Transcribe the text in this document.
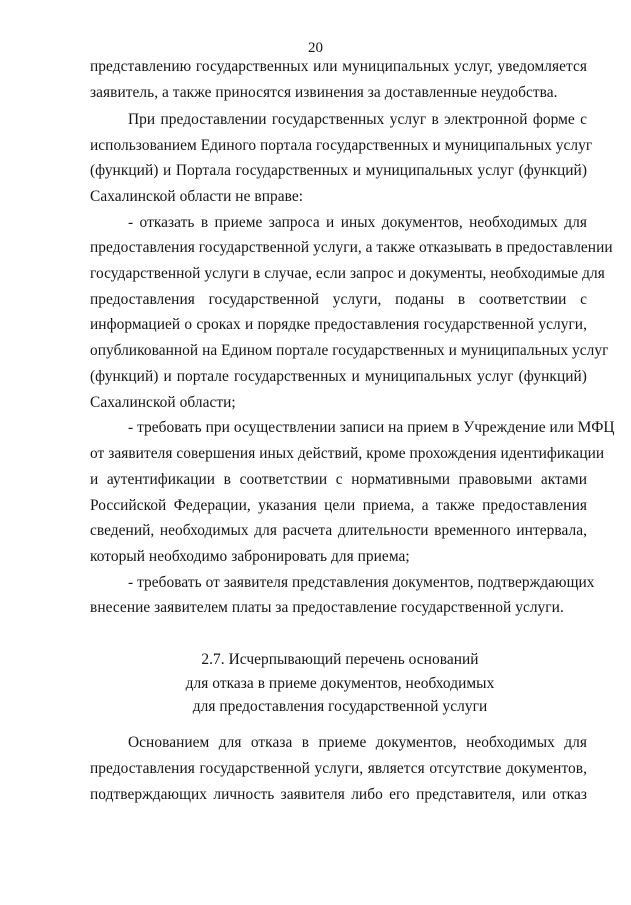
20
представлению государственных или муниципальных услуг, уведомляется
заявитель, а также приносятся извинения за доставленные неудобства.
При предоставлении государственных услуг в электронной форме с
использованием Единого портала государственных и муниципальных услуг
(функций) и Портала государственных и муниципальных услуг (функций)
Сахалинской области не вправе:
- отказать в приеме запроса и иных документов, необходимых для
предоставления государственной услуги, а также отказывать в предоставлении
государственной услуги в случае, если запрос и документы, необходимые для
предоставления государственной услуги, поданы в соответствии с
информацией о сроках и порядке предоставления государственной услуги,
опубликованной на Едином портале государственных и муниципальных услуг
(функций) и портале государственных и муниципальных услуг (функций)
Сахалинской области;
- требовать при осуществлении записи на прием в Учреждение или МФЦ
от заявителя совершения иных действий, кроме прохождения идентификации
и аутентификации в соответствии с нормативными правовыми актами
Российской Федерации, указания цели приема, а также предоставления
сведений, необходимых для расчета длительности временного интервала,
который необходимо забронировать для приема;
- требовать от заявителя представления документов, подтверждающих
внесение заявителем платы за предоставление государственной услуги.
2.7. Исчерпывающий перечень оснований
для отказа в приеме документов, необходимых
для предоставления государственной услуги
Основанием для отказа в приеме документов, необходимых для
предоставления государственной услуги, является отсутствие документов,
подтверждающих личность заявителя либо его представителя, или отказ
